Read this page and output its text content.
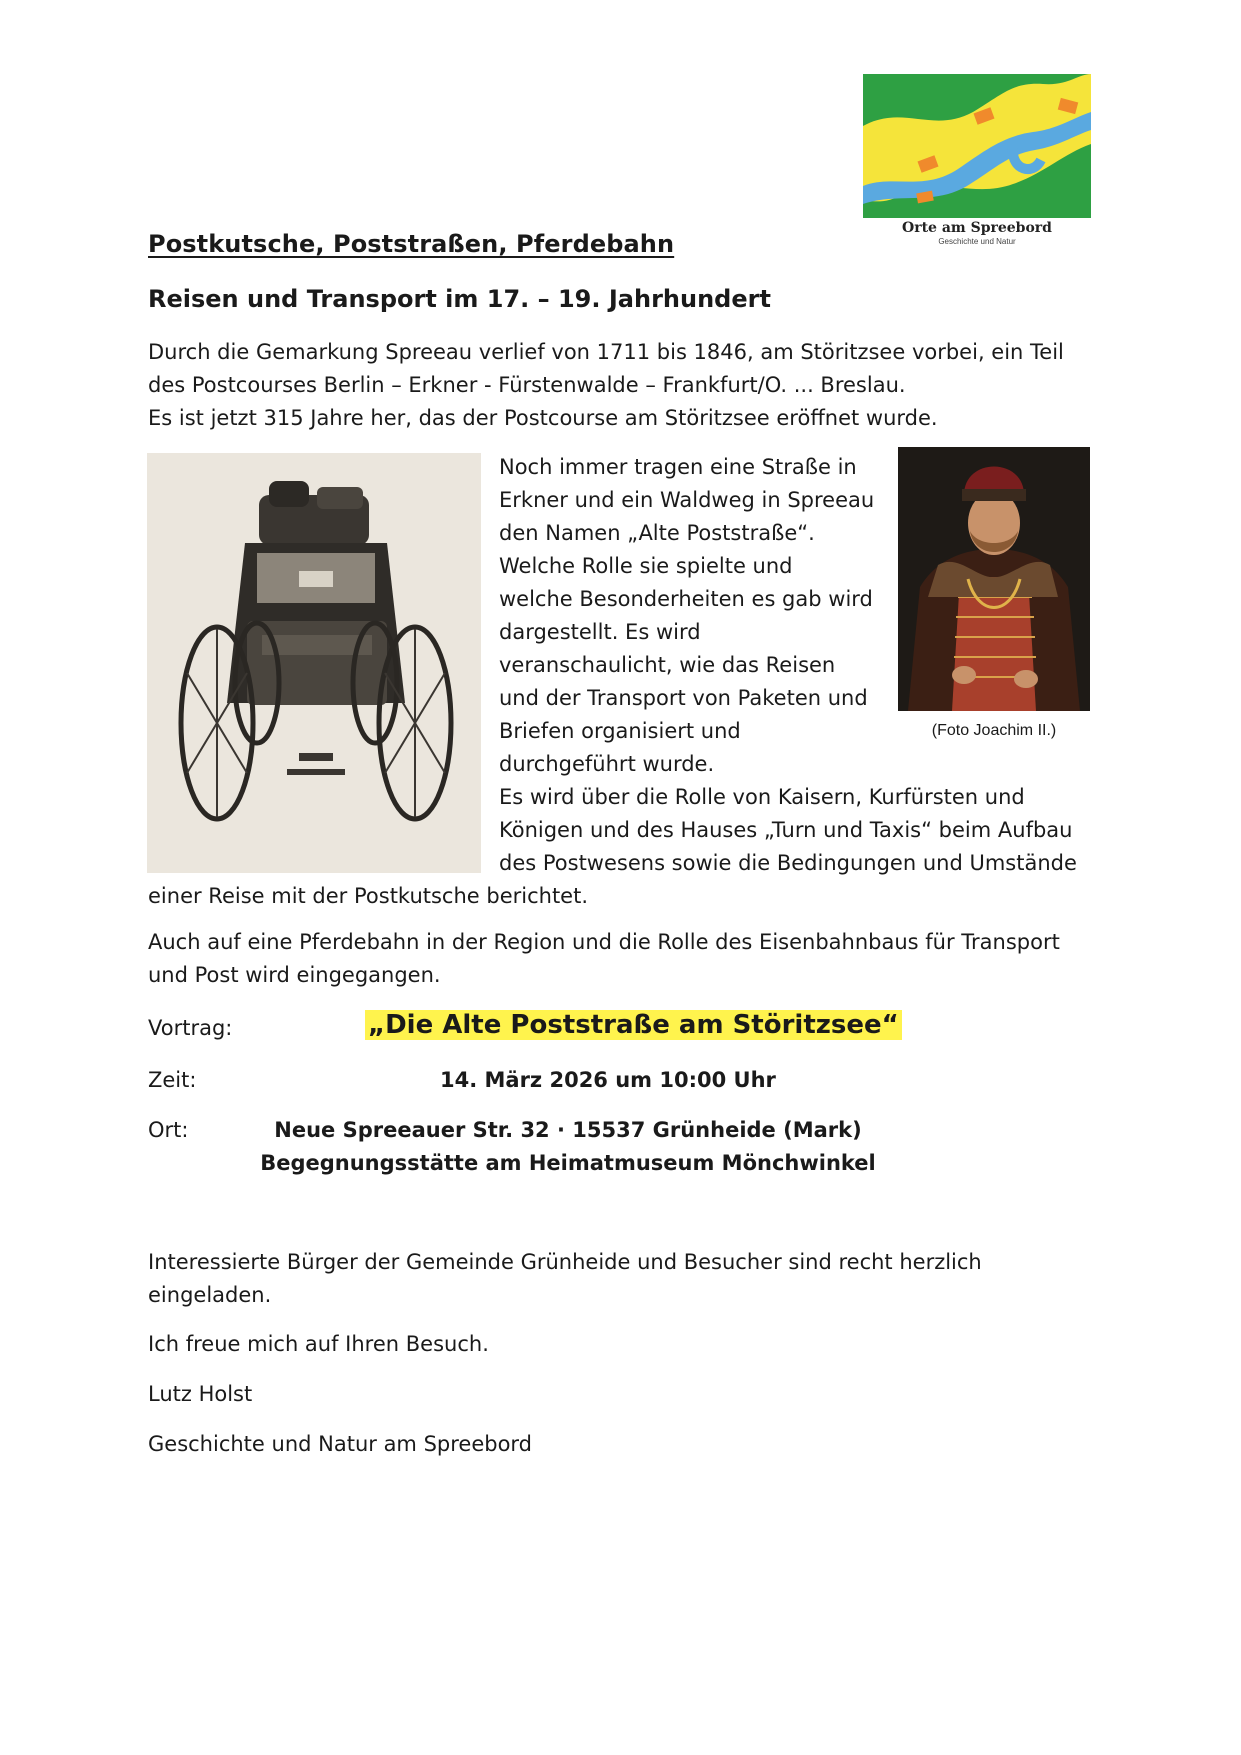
Orte am Spreebord
Geschichte und Natur
Postkutsche, Poststraßen, Pferdebahn
Reisen und Transport im 17. – 19. Jahrhundert
Durch die Gemarkung Spreeau verlief von 1711 bis 1846, am Störitzsee vorbei, ein Teil
des Postcourses Berlin – Erkner - Fürstenwalde – Frankfurt/O. ... Breslau.
Es ist jetzt 315 Jahre her, das der Postcourse am Störitzsee eröffnet wurde.
Noch immer tragen eine Straße in
Erkner und ein Waldweg in Spreeau
den Namen „Alte Poststraße“.
Welche Rolle sie spielte und
welche Besonderheiten es gab wird
dargestellt. Es wird
veranschaulicht, wie das Reisen
und der Transport von Paketen und
Briefen organisiert und
durchgeführt wurde.
(Foto Joachim II.)
Es wird über die Rolle von Kaisern, Kurfürsten und
Königen und des Hauses „Turn und Taxis“ beim Aufbau
des Postwesens sowie die Bedingungen und Umstände
einer Reise mit der Postkutsche berichtet.
Auch auf eine Pferdebahn in der Region und die Rolle des Eisenbahnbaus für Transport
und Post wird eingegangen.
Vortrag:	„Die Alte Poststraße am Störitzsee“
Zeit:	14. März 2026 um 10:00 Uhr
Ort:	Neue Spreeauer Str. 32 · 15537 Grünheide (Mark)
Begegnungsstätte am Heimatmuseum Mönchwinkel
Interessierte Bürger der Gemeinde Grünheide und Besucher sind recht herzlich
eingeladen.
Ich freue mich auf Ihren Besuch.
Lutz Holst
Geschichte und Natur am Spreebord
